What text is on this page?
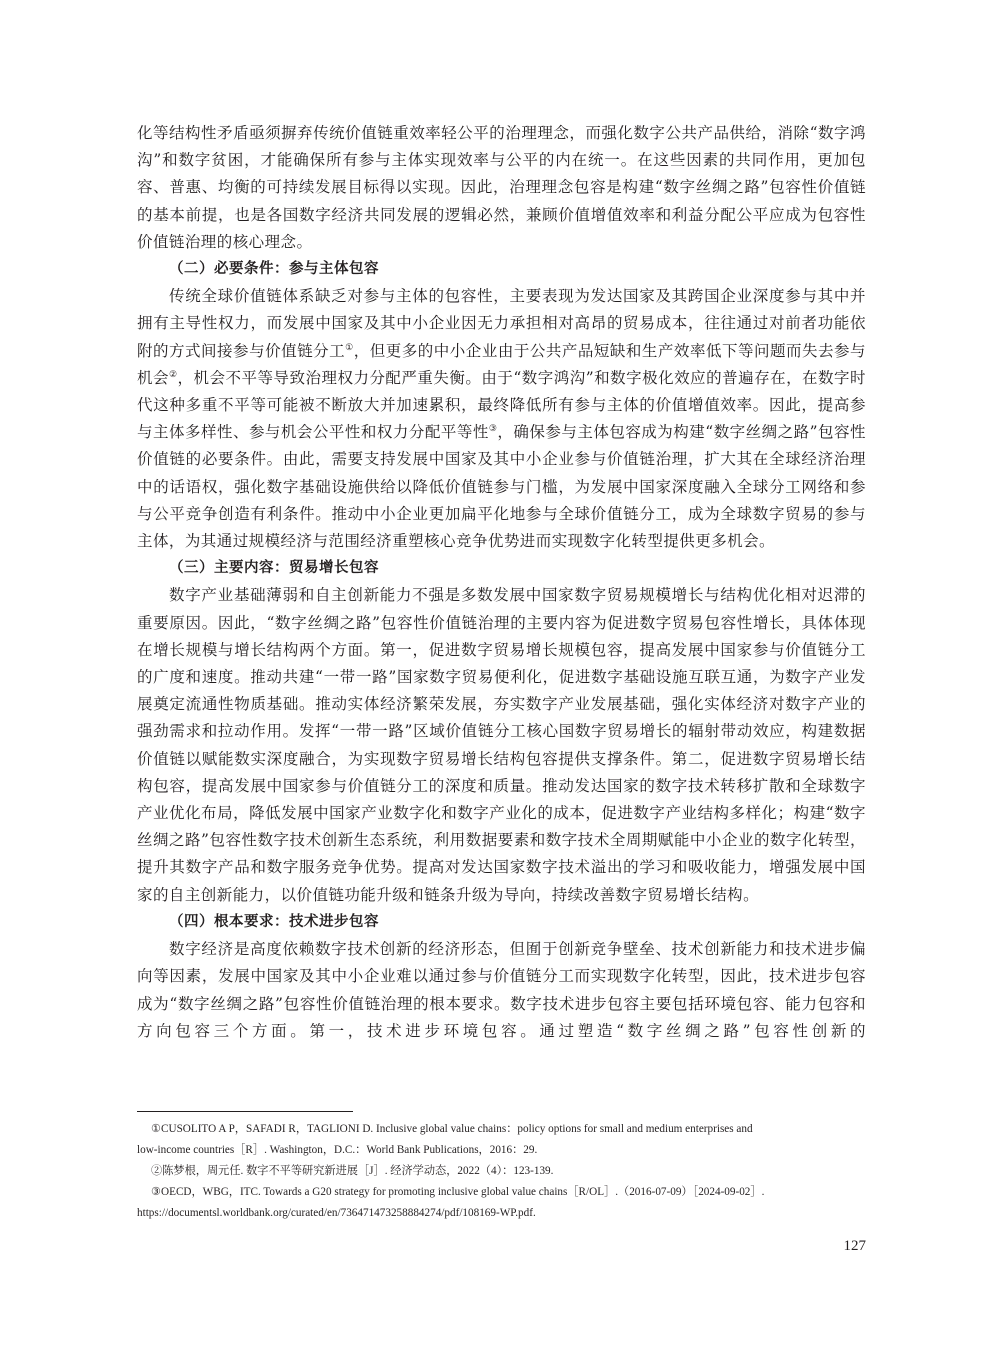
化等结构性矛盾亟须摒弃传统价值链重效率轻公平的治理理念，而强化数字公共产品供给，消除“数字鸿沟”和数字贫困，才能确保所有参与主体实现效率与公平的内在统一。在这些因素的共同作用，更加包容、普惠、均衡的可持续发展目标得以实现。因此，治理理念包容是构建“数字丝绸之路”包容性价值链的基本前提，也是各国数字经济共同发展的逻辑必然，兼顾价值增值效率和利益分配公平应成为包容性价值链治理的核心理念。

（二）必要条件：参与主体包容

传统全球价值链体系缺乏对参与主体的包容性，主要表现为发达国家及其跨国企业深度参与其中并拥有主导性权力，而发展中国家及其中小企业因无力承担相对高昂的贸易成本，往往通过对前者功能依附的方式间接参与价值链分工①，但更多的中小企业由于公共产品短缺和生产效率低下等问题而失去参与机会②，机会不平等导致治理权力分配严重失衡。由于“数字鸿沟”和数字极化效应的普遍存在，在数字时代这种多重不平等可能被不断放大并加速累积，最终降低所有参与主体的价值增值效率。因此，提高参与主体多样性、参与机会公平性和权力分配平等性③，确保参与主体包容成为构建“数字丝绸之路”包容性价值链的必要条件。由此，需要支持发展中国家及其中小企业参与价值链治理，扩大其在全球经济治理中的话语权，强化数字基础设施供给以降低价值链参与门槛，为发展中国家深度融入全球分工网络和参与公平竞争创造有利条件。推动中小企业更加扁平化地参与全球价值链分工，成为全球数字贸易的参与主体，为其通过规模经济与范围经济重塑核心竞争优势进而实现数字化转型提供更多机会。

（三）主要内容：贸易增长包容

数字产业基础薄弱和自主创新能力不强是多数发展中国家数字贸易规模增长与结构优化相对迟滞的重要原因。因此，“数字丝绸之路”包容性价值链治理的主要内容为促进数字贸易包容性增长，具体体现在增长规模与增长结构两个方面。第一，促进数字贸易增长规模包容，提高发展中国家参与价值链分工的广度和速度。推动共建“一带一路”国家数字贸易便利化，促进数字基础设施互联互通，为数字产业发展奠定流通性物质基础。推动实体经济繁荣发展，夯实数字产业发展基础，强化实体经济对数字产业的强劲需求和拉动作用。发挥“一带一路”区域价值链分工核心国数字贸易增长的辐射带动效应，构建数据价值链以赋能数实深度融合，为实现数字贸易增长结构包容提供支撑条件。第二，促进数字贸易增长结构包容，提高发展中国家参与价值链分工的深度和质量。推动发达国家的数字技术转移扩散和全球数字产业优化布局，降低发展中国家产业数字化和数字产业化的成本，促进数字产业结构多样化；构建“数字丝绸之路”包容性数字技术创新生态系统，利用数据要素和数字技术全周期赋能中小企业的数字化转型，提升其数字产品和数字服务竞争优势。提高对发达国家数字技术溢出的学习和吸收能力，增强发展中国家的自主创新能力，以价值链功能升级和链条升级为导向，持续改善数字贸易增长结构。

（四）根本要求：技术进步包容

数字经济是高度依赖数字技术创新的经济形态，但囿于创新竞争壁垒、技术创新能力和技术进步偏向等因素，发展中国家及其中小企业难以通过参与价值链分工而实现数字化转型，因此，技术进步包容成为“数字丝绸之路”包容性价值链治理的根本要求。数字技术进步包容主要包括环境包容、能力包容和方向包容三个方面。第一，技术进步环境包容。通过塑造“数字丝绸之路”包容性创新的

①CUSOLITO A P，SAFADI R，TAGLIONI D. Inclusive global value chains：policy options for small and medium enterprises and
low-income countries［R］. Washington，D.C.：World Bank Publications，2016：29.

②陈梦根，周元任. 数字不平等研究新进展［J］. 经济学动态，2022（4）：123-139.

③OECD，WBG，ITC. Towards a G20 strategy for promoting inclusive global value chains［R/OL］.（2016-07-09）［2024-09-02］.
https://documentsl.worldbank.org/curated/en/736471473258884274/pdf/108169-WP.pdf.

127
